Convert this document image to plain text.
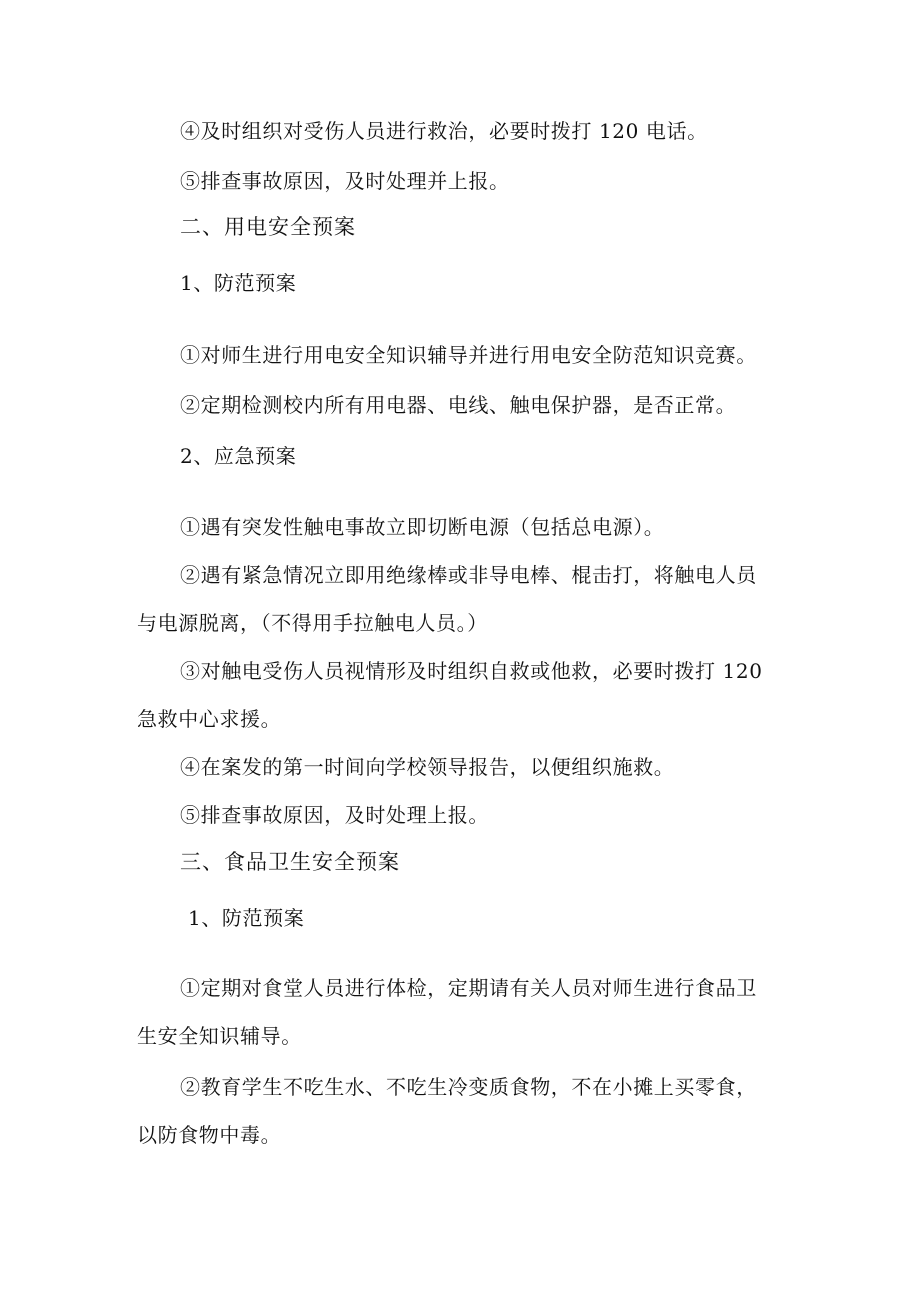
④及时组织对受伤人员进行救治，必要时拨打 120 电话。
⑤排查事故原因，及时处理并上报。
二、用电安全预案
1、防范预案
①对师生进行用电安全知识辅导并进行用电安全防范知识竞赛。
②定期检测校内所有用电器、电线、触电保护器，是否正常。
2、应急预案
①遇有突发性触电事故立即切断电源（包括总电源）。
②遇有紧急情况立即用绝缘棒或非导电棒、棍击打，将触电人员
与电源脱离，（不得用手拉触电人员。）
③对触电受伤人员视情形及时组织自救或他救，必要时拨打 120
急救中心求援。
④在案发的第一时间向学校领导报告，以便组织施救。
⑤排查事故原因，及时处理上报。
三、食品卫生安全预案
1、防范预案
①定期对食堂人员进行体检，定期请有关人员对师生进行食品卫
生安全知识辅导。
②教育学生不吃生水、不吃生冷变质食物，不在小摊上买零食，
以防食物中毒。
